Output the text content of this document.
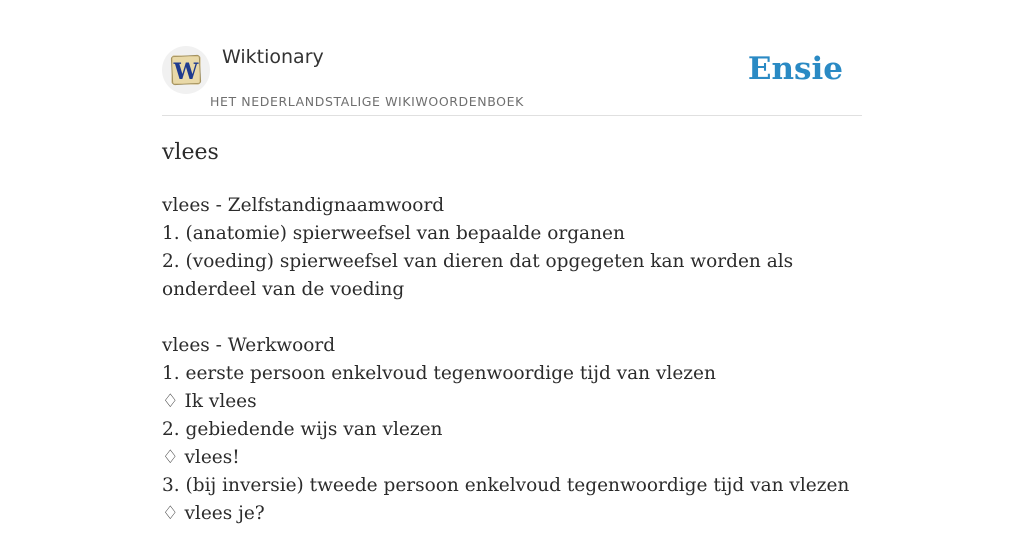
W
Wiktionary
HET NEDERLANDSTALIGE WIKIWOORDENBOEK
Ensie
vlees
vlees - Zelfstandignaamwoord
1. (anatomie) spierweefsel van bepaalde organen
2. (voeding) spierweefsel van dieren dat opgegeten kan worden als onderdeel van de voeding
vlees - Werkwoord
1. eerste persoon enkelvoud tegenwoordige tijd van vlezen
♢ Ik vlees
2. gebiedende wijs van vlezen
♢ vlees!
3. (bij inversie) tweede persoon enkelvoud tegenwoordige tijd van vlezen
♢ vlees je?
